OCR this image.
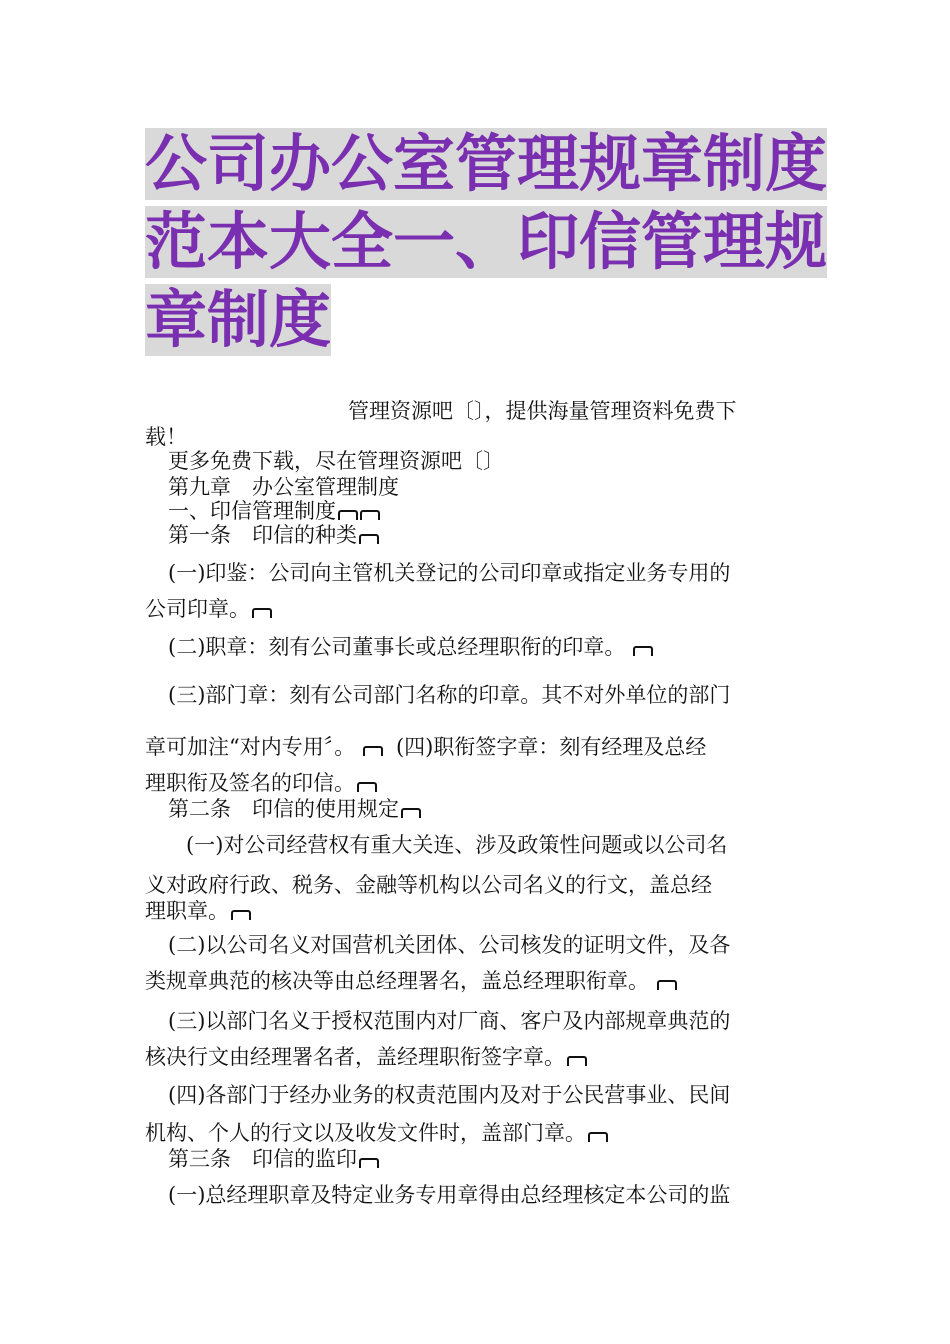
公司办公室管理规章制度
范本大全一、印信管理规
章制度
管理资源吧〔〕，提供海量管理资料免费下
载！
更多免费下载，尽在管理资源吧〔〕
第九章　办公室管理制度
一、印信管理制度
第一条　印信的种类
(一)印鉴：公司向主管机关登记的公司印章或指定业务专用的
公司印章。
(二)职章：刻有公司董事长或总经理职衔的印章。
(三)部门章：刻有公司部门名称的印章。其不对外单位的部门
章可加注“对内专用〞。 (四)职衔签字章：刻有经理及总经
理职衔及签名的印信。
第二条　印信的使用规定
(一)对公司经营权有重大关连、涉及政策性问题或以公司名
义对政府行政、税务、金融等机构以公司名义的行文，盖总经
理职章。
(二)以公司名义对国营机关团体、公司核发的证明文件，及各
类规章典范的核决等由总经理署名，盖总经理职衔章。
(三)以部门名义于授权范围内对厂商、客户及内部规章典范的
核决行文由经理署名者，盖经理职衔签字章。
(四)各部门于经办业务的权责范围内及对于公民营事业、民间
机构、个人的行文以及收发文件时，盖部门章。
第三条　印信的监印
(一)总经理职章及特定业务专用章得由总经理核定本公司的监
